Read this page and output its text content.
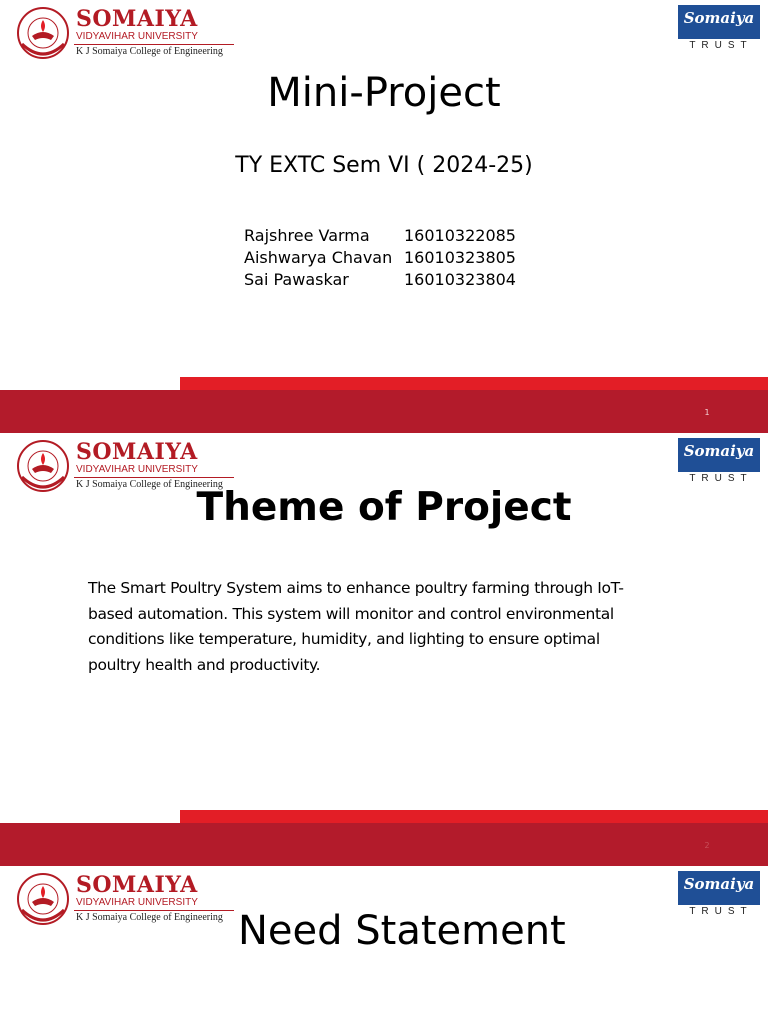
SOMAIYA
VIDYAVIHAR UNIVERSITY
K J Somaiya College of Engineering
Somaiya
TRUST
Mini-Project
TY EXTC Sem VI ( 2024-25)
Rajshree Varma 16010322085
Aishwarya Chavan 16010323805
Sai Pawaskar	16010323804
1
SOMAIYA
VIDYAVIHAR UNIVERSITY
K J Somaiya College of Engineering
Somaiya
TRUST
Theme of Project
The Smart Poultry System aims to enhance poultry farming through IoT-based automation. This system will monitor and control environmental conditions like temperature, humidity, and lighting to ensure optimal poultry health and productivity.
2
SOMAIYA
VIDYAVIHAR UNIVERSITY
K J Somaiya College of Engineering
Somaiya
TRUST
Need Statement
